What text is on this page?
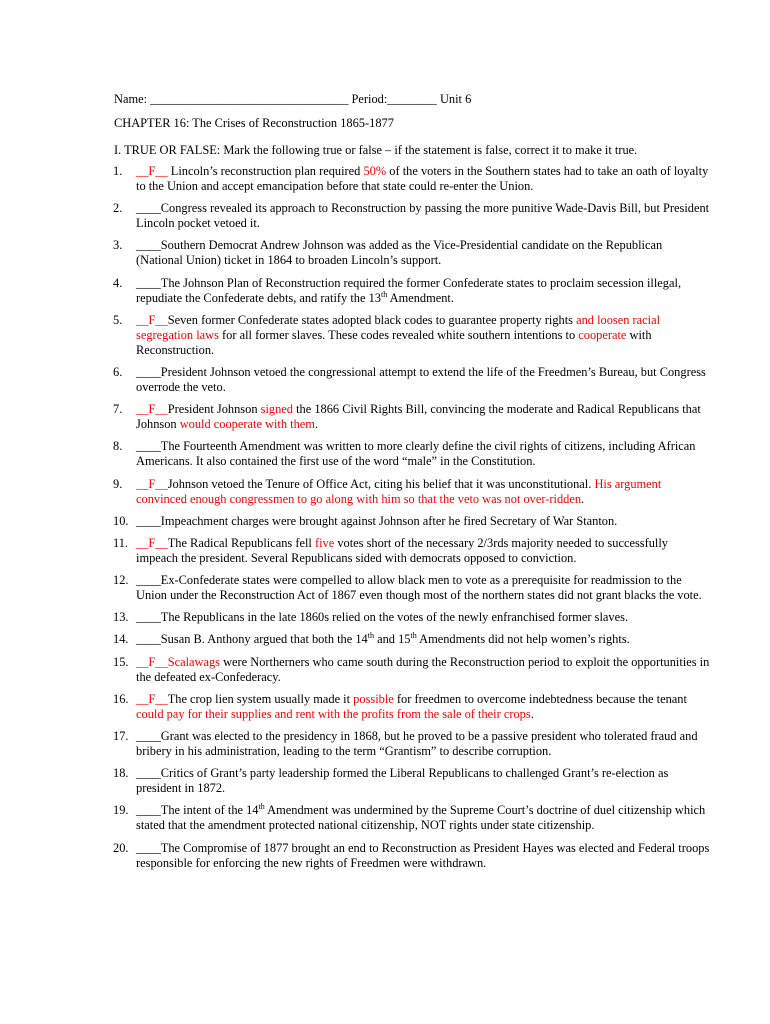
Name: ________________________________ Period:________ Unit 6
CHAPTER 16: The Crises of Reconstruction 1865-1877
I. TRUE OR FALSE: Mark the following true or false – if the statement is false, correct it to make it true.
1. __F__ Lincoln’s reconstruction plan required 50% of the voters in the Southern states had to take an oath of loyalty to the Union and accept emancipation before that state could re-enter the Union.
2. ____Congress revealed its approach to Reconstruction by passing the more punitive Wade-Davis Bill, but President Lincoln pocket vetoed it.
3. ____Southern Democrat Andrew Johnson was added as the Vice-Presidential candidate on the Republican (National Union) ticket in 1864 to broaden Lincoln’s support.
4. ____The Johnson Plan of Reconstruction required the former Confederate states to proclaim secession illegal, repudiate the Confederate debts, and ratify the 13th Amendment.
5. __F__Seven former Confederate states adopted black codes to guarantee property rights and loosen racial segregation laws for all former slaves. These codes revealed white southern intentions to cooperate with Reconstruction.
6. ____President Johnson vetoed the congressional attempt to extend the life of the Freedmen’s Bureau, but Congress overrode the veto.
7. __F__President Johnson signed the 1866 Civil Rights Bill, convincing the moderate and Radical Republicans that Johnson would cooperate with them.
8. ____The Fourteenth Amendment was written to more clearly define the civil rights of citizens, including African Americans. It also contained the first use of the word “male” in the Constitution.
9. __F__Johnson vetoed the Tenure of Office Act, citing his belief that it was unconstitutional. His argument convinced enough congressmen to go along with him so that the veto was not over-ridden.
10. ____Impeachment charges were brought against Johnson after he fired Secretary of War Stanton.
11. __F__The Radical Republicans fell five votes short of the necessary 2/3rds majority needed to successfully impeach the president. Several Republicans sided with democrats opposed to conviction.
12. ____Ex-Confederate states were compelled to allow black men to vote as a prerequisite for readmission to the Union under the Reconstruction Act of 1867 even though most of the northern states did not grant blacks the vote.
13. ____The Republicans in the late 1860s relied on the votes of the newly enfranchised former slaves.
14. ____Susan B. Anthony argued that both the 14th and 15th Amendments did not help women’s rights.
15. __F__Scalawags were Northerners who came south during the Reconstruction period to exploit the opportunities in the defeated ex-Confederacy.
16. __F__The crop lien system usually made it possible for freedmen to overcome indebtedness because the tenant could pay for their supplies and rent with the profits from the sale of their crops.
17. ____Grant was elected to the presidency in 1868, but he proved to be a passive president who tolerated fraud and bribery in his administration, leading to the term “Grantism” to describe corruption.
18. ____Critics of Grant’s party leadership formed the Liberal Republicans to challenged Grant’s re-election as president in 1872.
19. ____The intent of the 14th Amendment was undermined by the Supreme Court’s doctrine of duel citizenship which stated that the amendment protected national citizenship, NOT rights under state citizenship.
20. ____The Compromise of 1877 brought an end to Reconstruction as President Hayes was elected and Federal troops responsible for enforcing the new rights of Freedmen were withdrawn.
